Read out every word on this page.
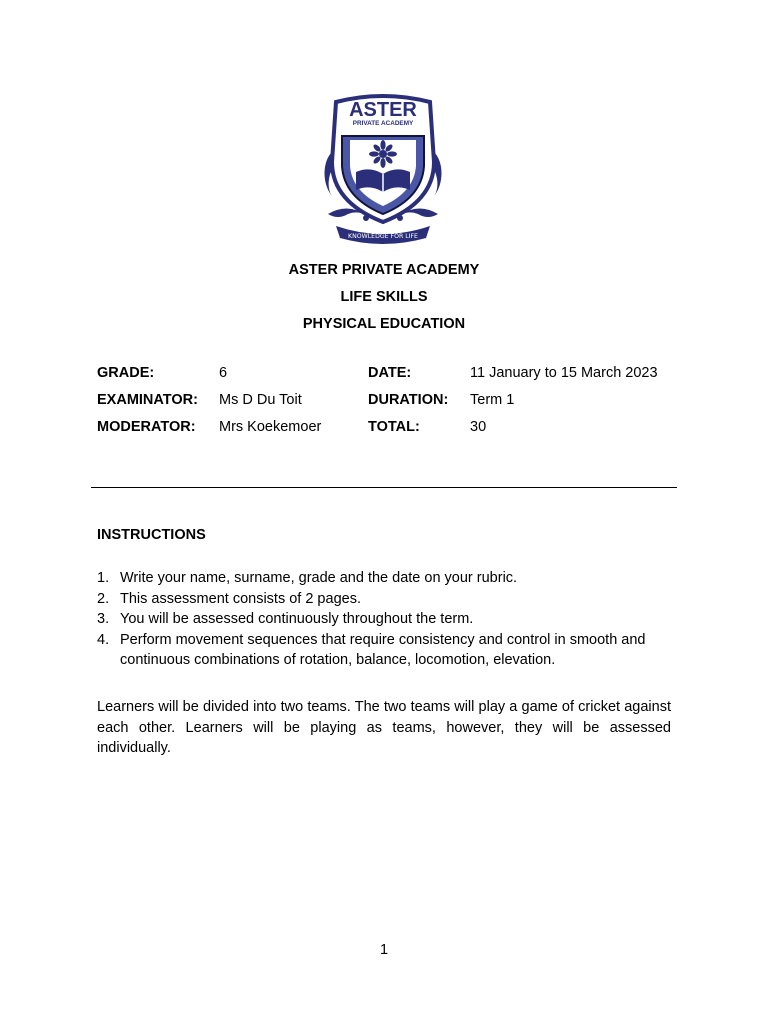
KNOWLEDGE FOR LIFE
ASTER
PRIVATE ACADEMY
ASTER PRIVATE ACADEMY
LIFE SKILLS
PHYSICAL EDUCATION
GRADE:	6	DATE:	11 January to 15 March 2023
EXAMINATOR: Ms D Du Toit	DURATION: Term 1
MODERATOR: Mrs Koekemoer	TOTAL:	30
INSTRUCTIONS
1. Write your name, surname, grade and the date on your rubric.
2. This assessment consists of 2 pages.
3. You will be assessed continuously throughout the term.
4. Perform movement sequences that require consistency and control in smooth and continuous combinations of rotation, balance, locomotion, elevation.

Learners will be divided into two teams. The two teams will play a game of cricket against each other. Learners will be playing as teams, however, they will be assessed individually.

1
